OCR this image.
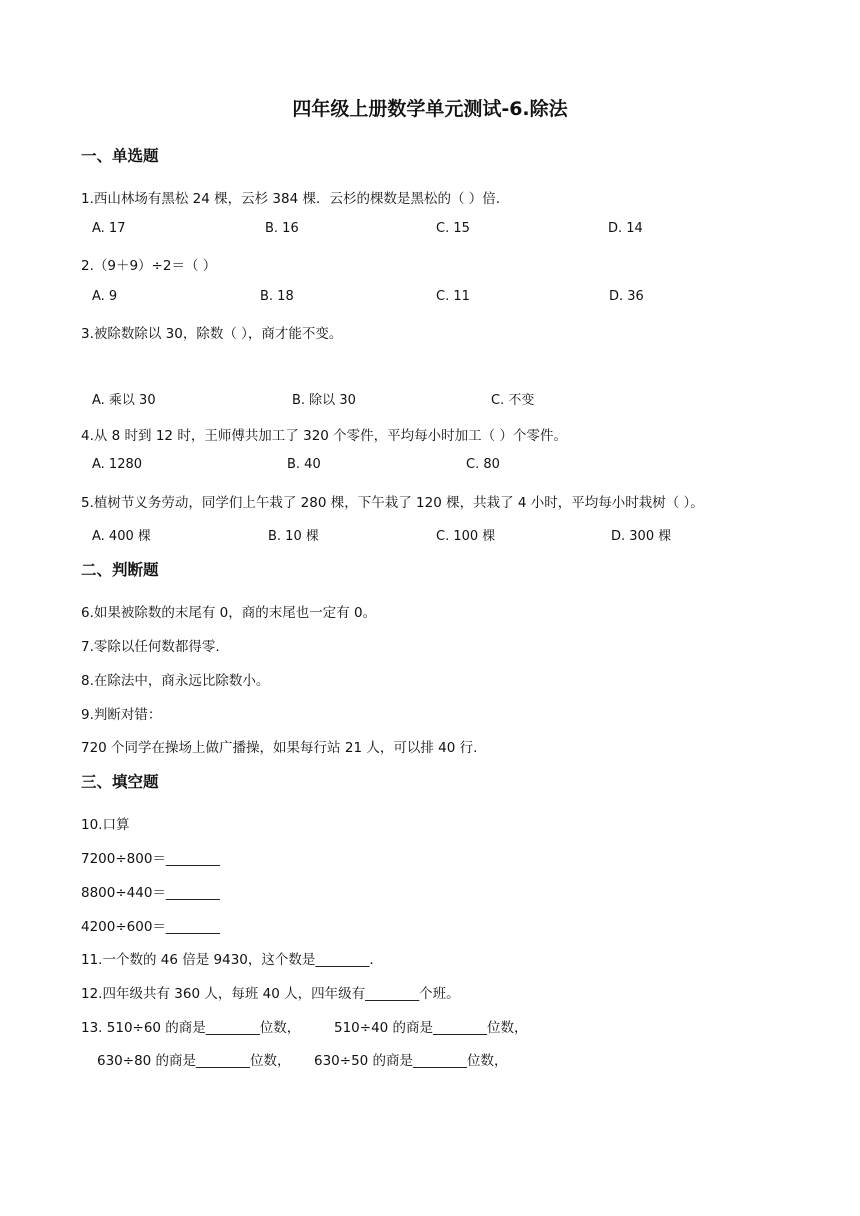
四年级上册数学单元测试-6.除法
一、单选题
1.西山林场有黑松 24 棵，云杉 384 棵．云杉的棵数是黑松的（ ）倍.
A. 17	B. 16	C. 15	D. 14
2.（9＋9）÷2＝（ ）
A. 9	B. 18	C. 11	D. 36
3.被除数除以 30，除数（ ），商才能不变。
A. 乘以 30	B. 除以 30	C. 不变
4.从 8 时到 12 时，王师傅共加工了 320 个零件，平均每小时加工（ ）个零件。
A. 1280	B. 40	C. 80
5.植树节义务劳动，同学们上午栽了 280 棵，下午栽了 120 棵，共栽了 4 小时，平均每小时栽树（ ）。
A. 400 棵	B. 10 棵	C. 100 棵	D. 300 棵
二、判断题
6.如果被除数的末尾有 0，商的末尾也一定有 0。
7.零除以任何数都得零.
8.在除法中，商永远比除数小。
9.判断对错：
720 个同学在操场上做广播操，如果每行站 21 人，可以排 40 行.
三、填空题
10.口算
7200÷800＝________
8800÷440＝________
4200÷600＝________
11.一个数的 46 倍是 9430，这个数是________.
12.四年级共有 360 人，每班 40 人，四年级有________个班。
13. 510÷60 的商是________位数， 510÷40 的商是________位数，
630÷80 的商是________位数， 630÷50 的商是________位数，
